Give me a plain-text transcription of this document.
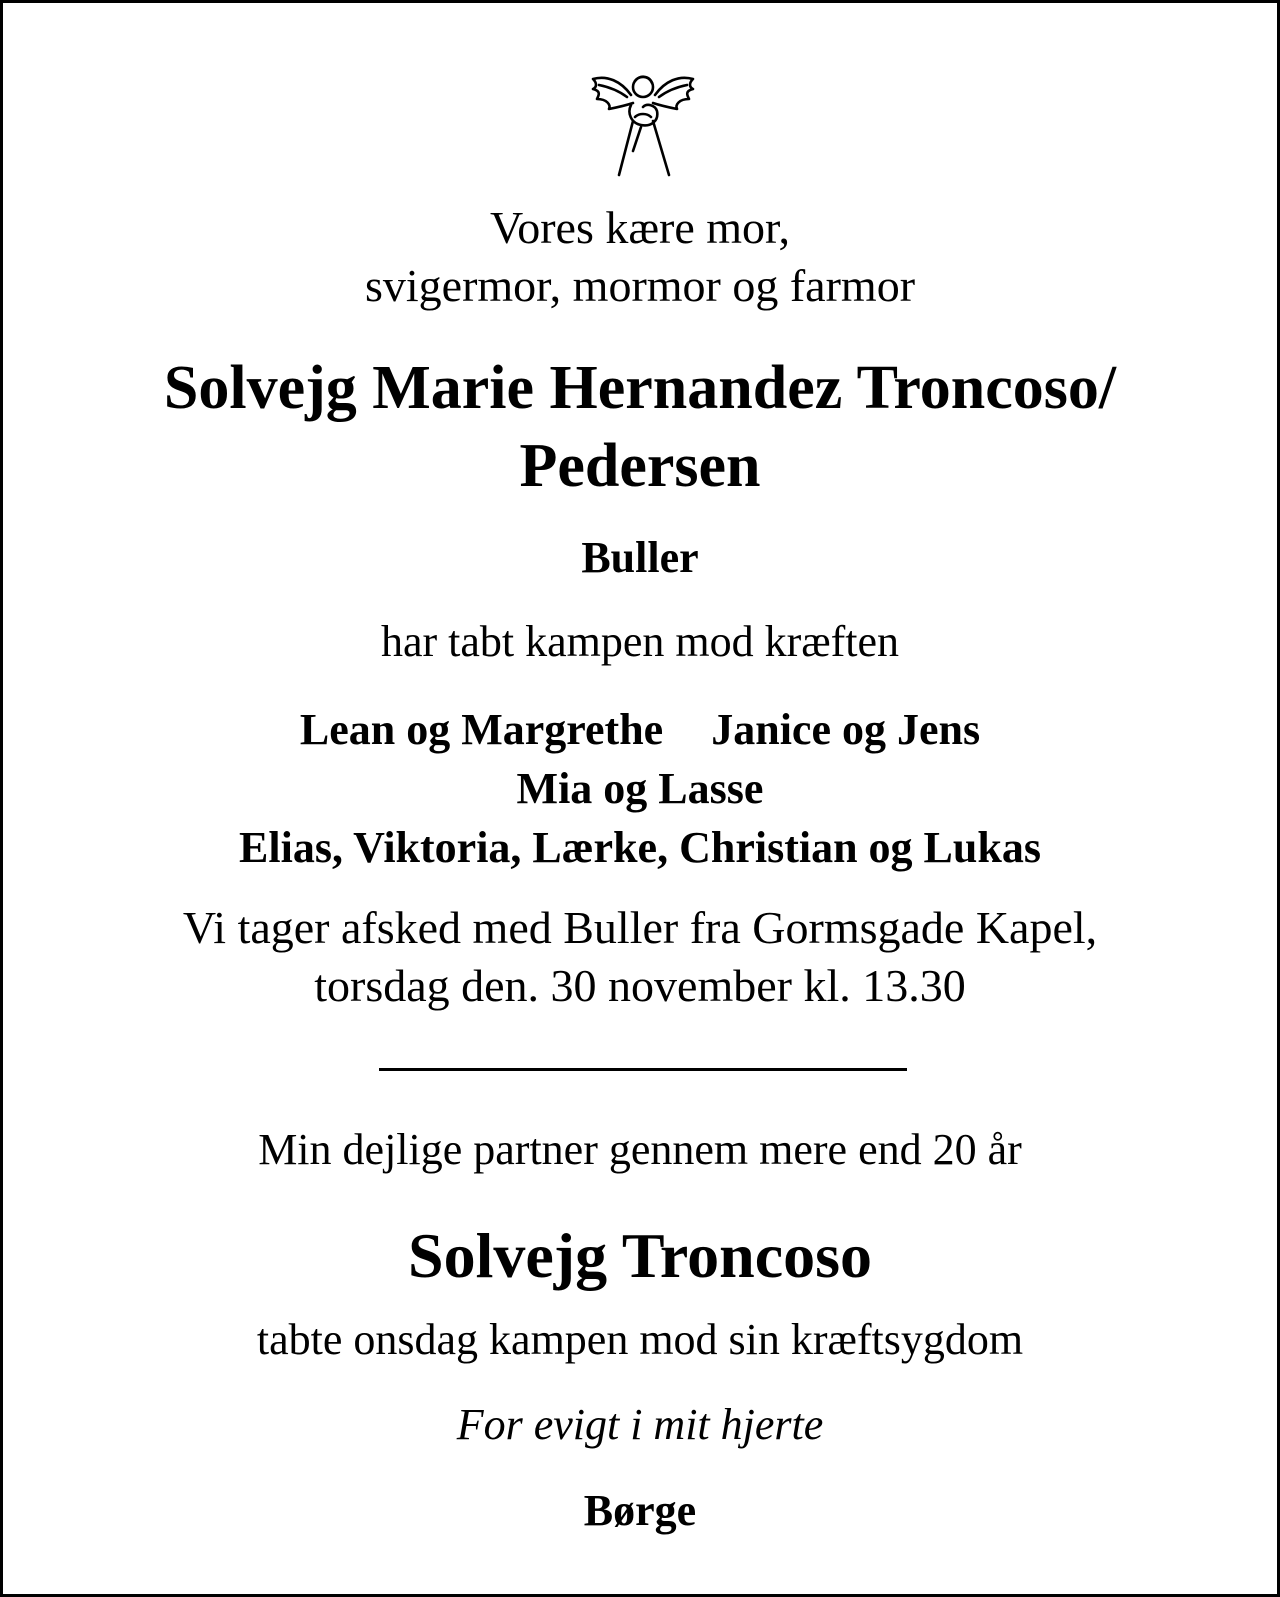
Vores kære mor,
svigermor, mormor og farmor

Solvejg Marie Hernandez Troncoso/
Pedersen

Buller

har tabt kampen mod kræften

Lean og Margrethe Janice og Jens
Mia og Lasse
Elias, Viktoria, Lærke, Christian og Lukas

Vi tager afsked med Buller fra Gormsgade Kapel,
torsdag den. 30 november kl. 13.30

Min dejlige partner gennem mere end 20 år

Solvejg Troncoso

tabte onsdag kampen mod sin kræftsygdom

For evigt i mit hjerte

Børge
